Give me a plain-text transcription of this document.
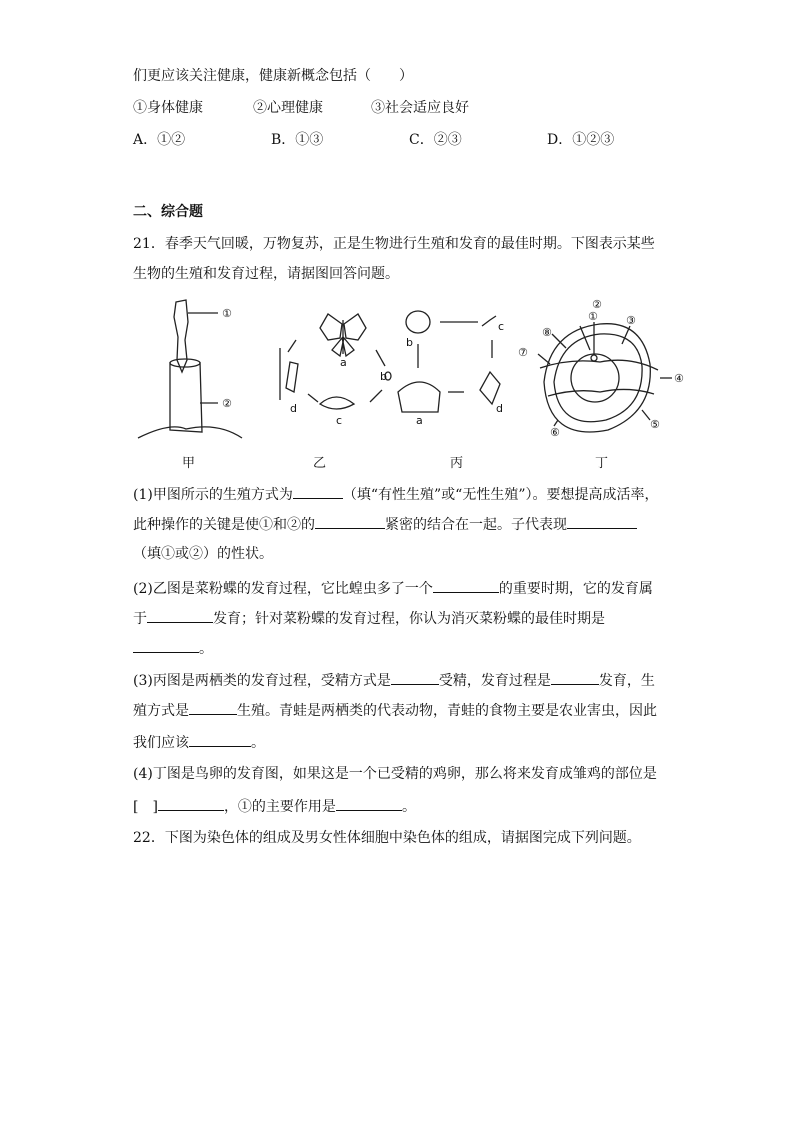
们更应该关注健康，健康新概念包括（　　）
①身体健康	②心理健康	③社会适应良好
A．①②	B．①③	C．②③	D．①②③
二、综合题
21．春季天气回暖，万物复苏，正是生物进行生殖和发育的最佳时期。下图表示某些
生物的生殖和发育过程，请据图回答问题。
①
②
a
b
c
d
a
b
c
d
①
②
③
④
⑤
⑥
⑦
⑧
甲	乙	丙	丁
(1)甲图所示的生殖方式为	（填“有性生殖”或“无性生殖”）。要想提高成活率，
此种操作的关键是使①和②的	紧密的结合在一起。子代表现
（填①或②）的性状。
(2)乙图是菜粉蝶的发育过程，它比蝗虫多了一个	的重要时期，它的发育属
于	发育；针对菜粉蝶的发育过程，你认为消灭菜粉蝶的最佳时期是
。
(3)丙图是两栖类的发育过程，受精方式是	受精，发育过程是	发育，生
殖方式是	生殖。青蛙是两栖类的代表动物，青蛙的食物主要是农业害虫，因此
我们应该	。
(4)丁图是鸟卵的发育图，如果这是一个已受精的鸡卵，那么将来发育成雏鸡的部位是
[　]	，①的主要作用是	。
22．下图为染色体的组成及男女性体细胞中染色体的组成，请据图完成下列问题。
